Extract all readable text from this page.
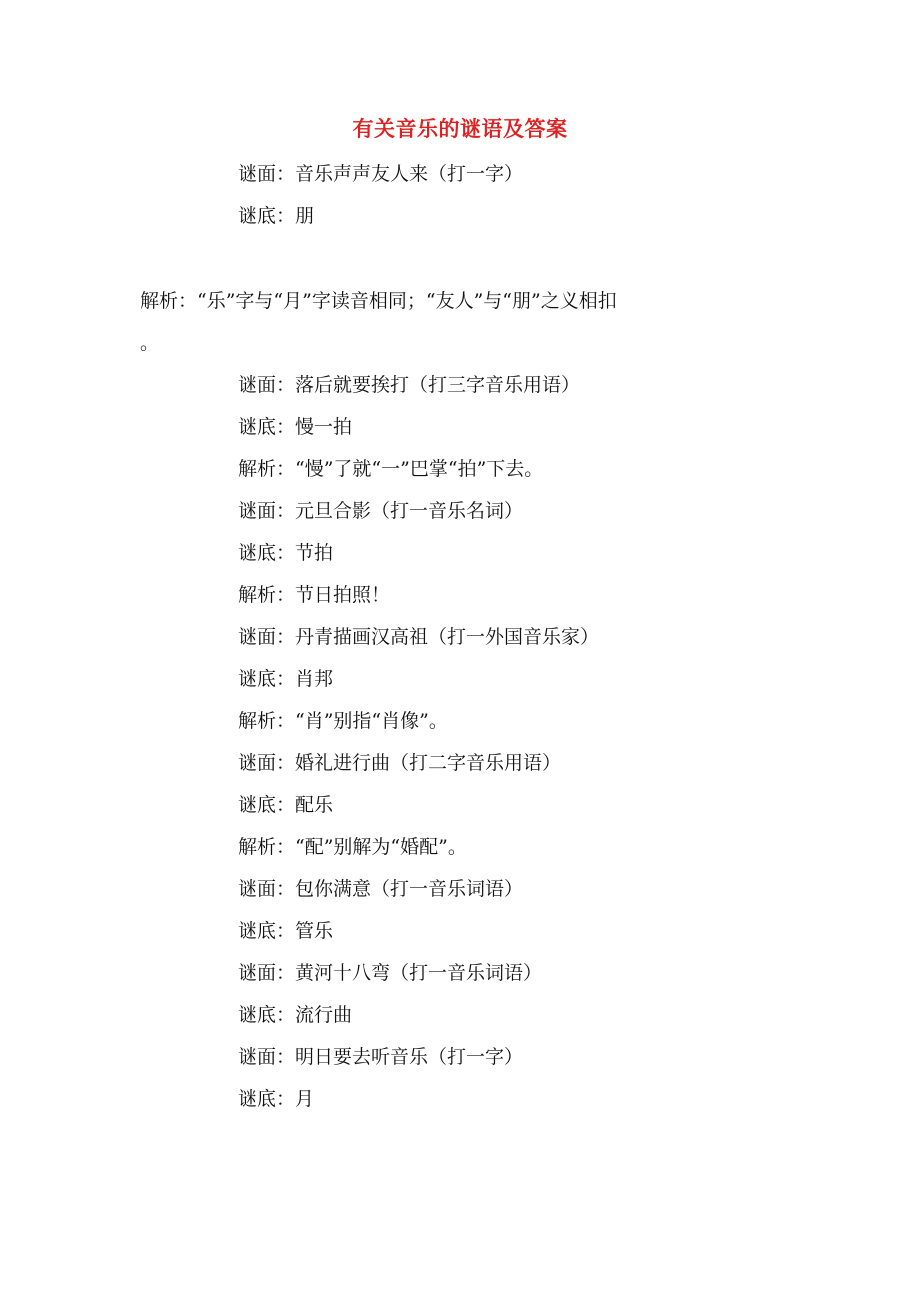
有关音乐的谜语及答案
谜面：音乐声声友人来（打一字）
谜底：朋
解析：“乐”字与“月”字读音相同；“友人”与“朋”之义相扣
。
谜面：落后就要挨打（打三字音乐用语）
谜底：慢一拍
解析：“慢”了就“一”巴掌“拍”下去。
谜面：元旦合影（打一音乐名词）
谜底：节拍
解析：节日拍照！
谜面：丹青描画汉高祖（打一外国音乐家）
谜底：肖邦
解析：“肖”别指“肖像”。
谜面：婚礼进行曲（打二字音乐用语）
谜底：配乐
解析：“配”别解为“婚配”。
谜面：包你满意（打一音乐词语）
谜底：管乐
谜面：黄河十八弯（打一音乐词语）
谜底：流行曲
谜面：明日要去听音乐（打一字）
谜底：月
